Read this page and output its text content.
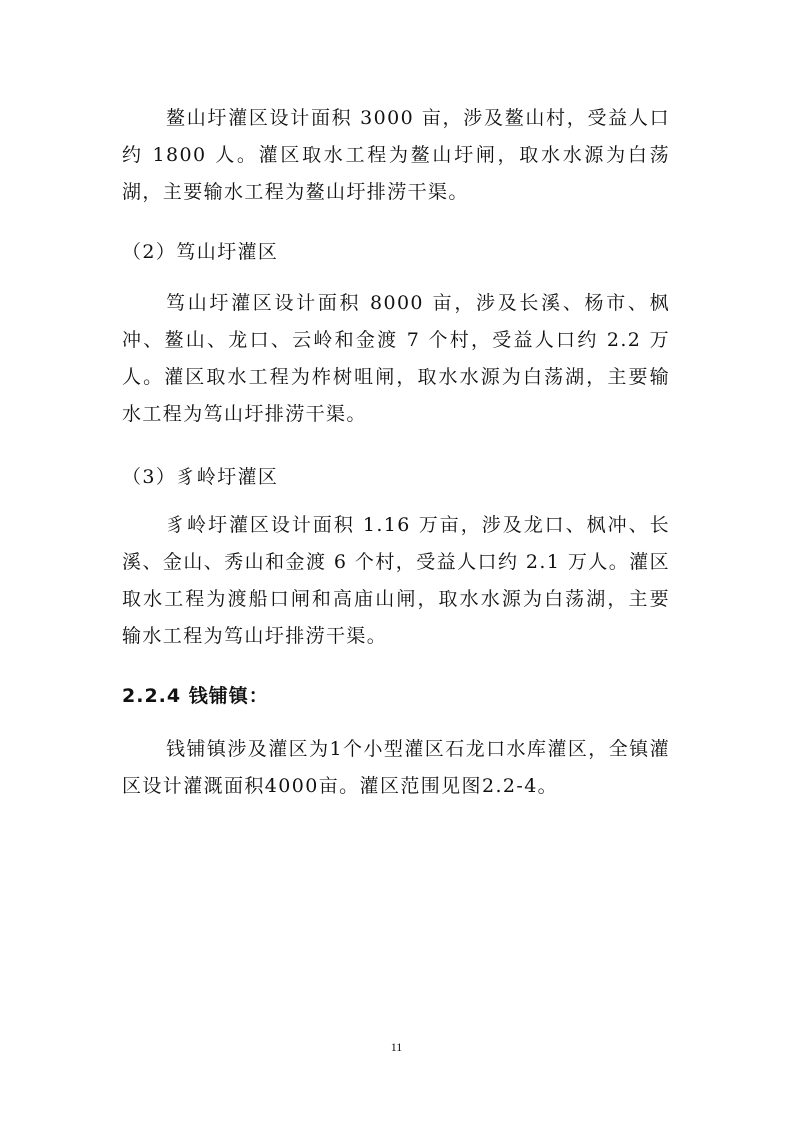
鳌山圩灌区设计面积 3000 亩，涉及鳌山村，受益人口约 1800 人。灌区取水工程为鳌山圩闸，取水水源为白荡湖，主要输水工程为鳌山圩排涝干渠。

（2）笃山圩灌区

笃山圩灌区设计面积 8000 亩，涉及长溪、杨市、枫冲、鳌山、龙口、云岭和金渡 7 个村，受益人口约 2.2 万人。灌区取水工程为柞树咀闸，取水水源为白荡湖，主要输水工程为笃山圩排涝干渠。

（3）豸岭圩灌区

豸岭圩灌区设计面积 1.16 万亩，涉及龙口、枫冲、长溪、金山、秀山和金渡 6 个村，受益人口约 2.1 万人。灌区取水工程为渡船口闸和高庙山闸，取水水源为白荡湖，主要输水工程为笃山圩排涝干渠。

2.2.4 钱铺镇：

钱铺镇涉及灌区为1个小型灌区石龙口水库灌区，全镇灌区设计灌溉面积4000亩。灌区范围见图2.2-4。

11
